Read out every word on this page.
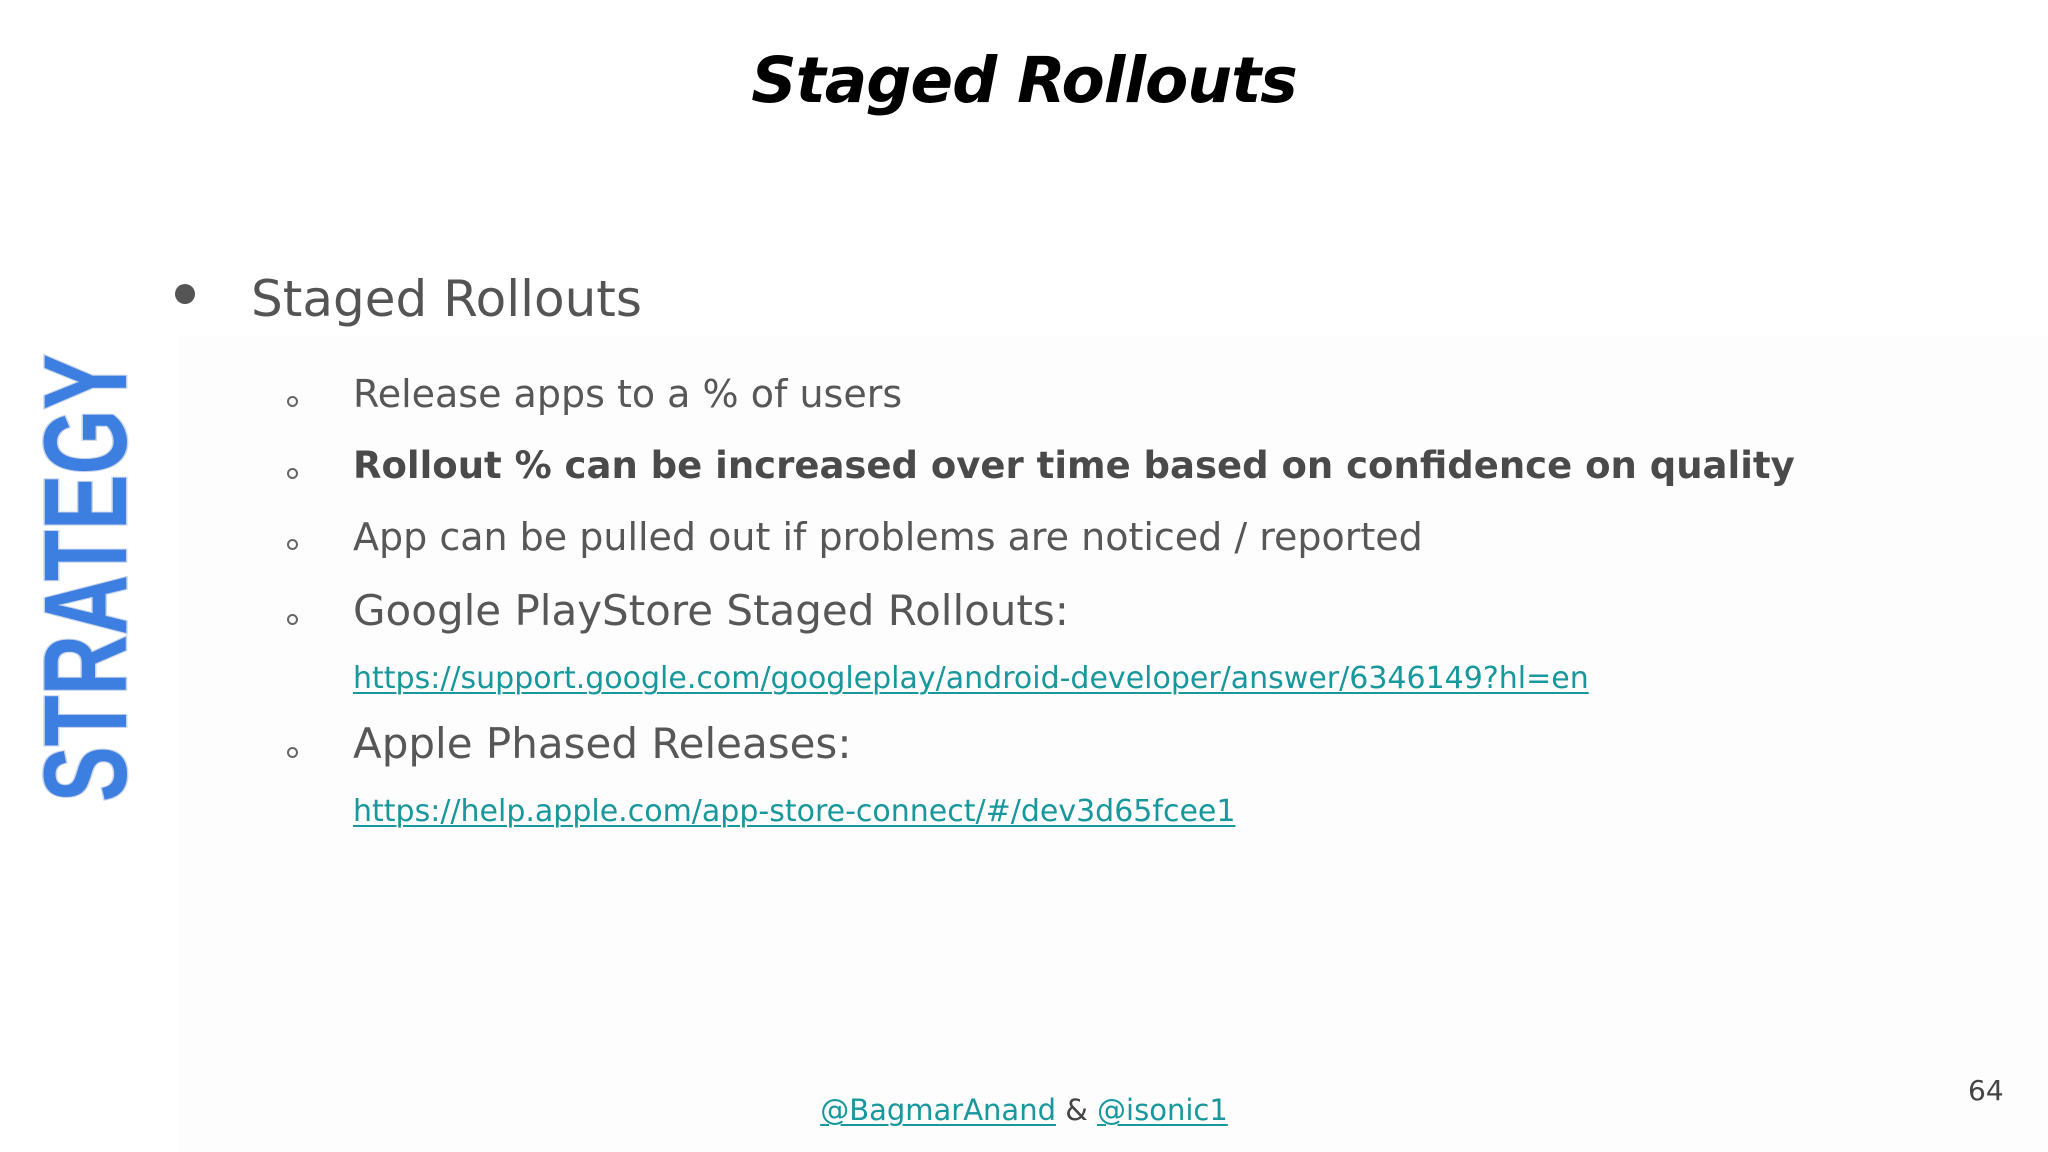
Staged Rollouts
STRATEGY Staged Rollouts
Release apps to a % of users
Rollout % can be increased over time based on confidence on quality
App can be pulled out if problems are noticed / reported
Google PlayStore Staged Rollouts:
https://support.google.com/googleplay/android-developer/answer/6346149?hl=en
Apple Phased Releases:
https://help.apple.com/app-store-connect/#/dev3d65fcee1
@BagmarAnand & @isonic1
64
